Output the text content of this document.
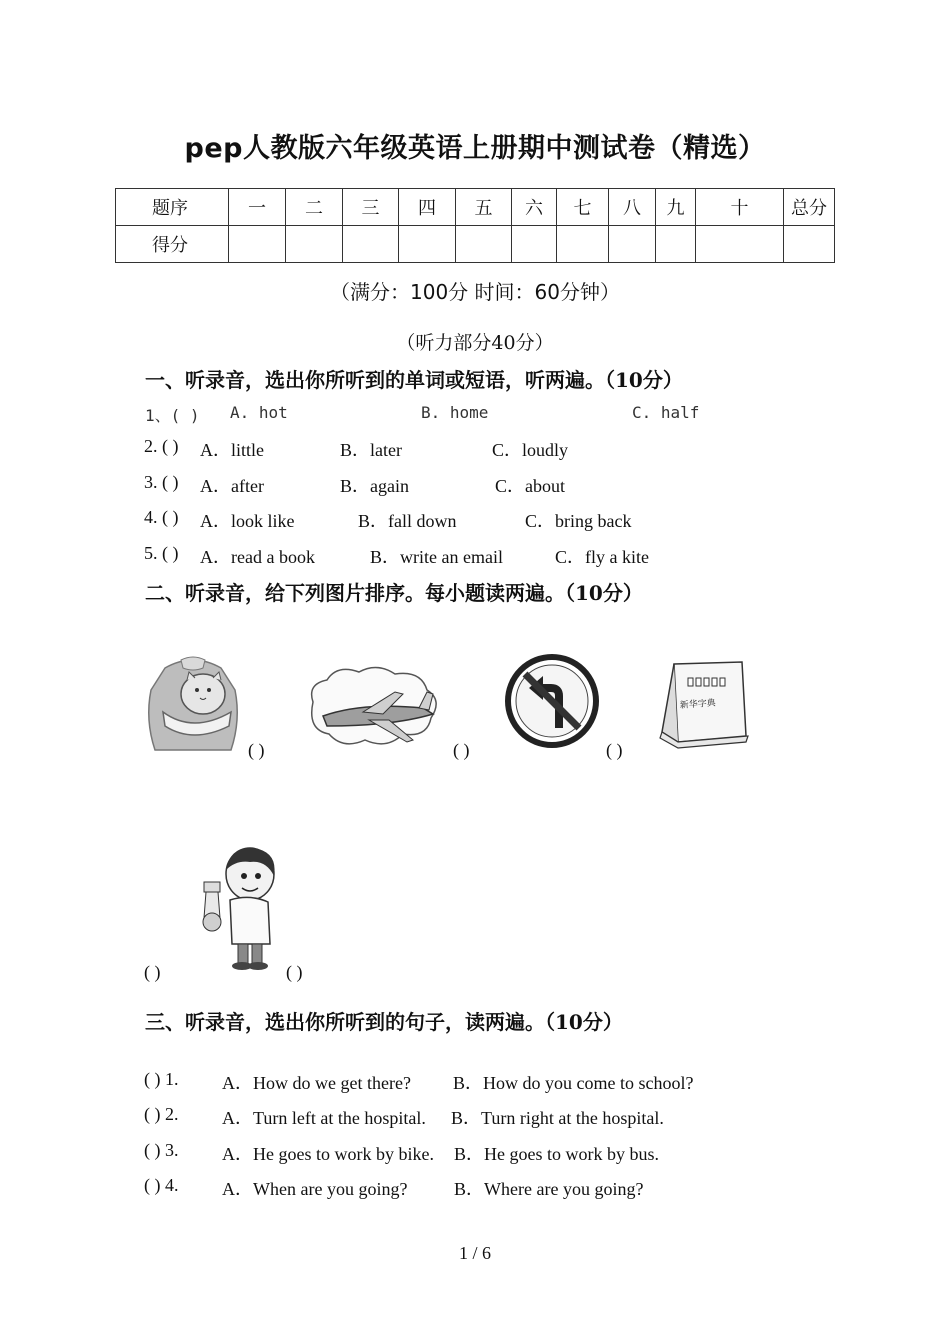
pep人教版六年级英语上册期中测试卷（精选）
题序	一	二	三	四	五	六	七	八	九	十	总分
得分											
（满分：100分 时间：60分钟）
（听力部分40分）
一、听录音，选出你所听到的单词或短语，听两遍。（10分）
1、( ) A. hot	B. home	C. half
2. ( ) A．little	B．later	C．loudly
3. ( ) A．after	B．again	C．about
4. ( ) A．look like	B．fall down	C．bring back
5. ( ) A．read a book	B．write an email	C．fly a kite
二、听录音，给下列图片排序。每小题读两遍。（10分）
( )	( )	( )
新华字典
( )	( )
三、听录音，选出你所听到的句子，读两遍。（10分）
( ) 1. A．How do we get there? B．How do you come to school?
( ) 2. A．Turn left at the hospital. B．Turn right at the hospital.
( ) 3. A．He goes to work by bike. B．He goes to work by bus.
( ) 4. A．When are you going?	B．Where are you going?
1 / 6
